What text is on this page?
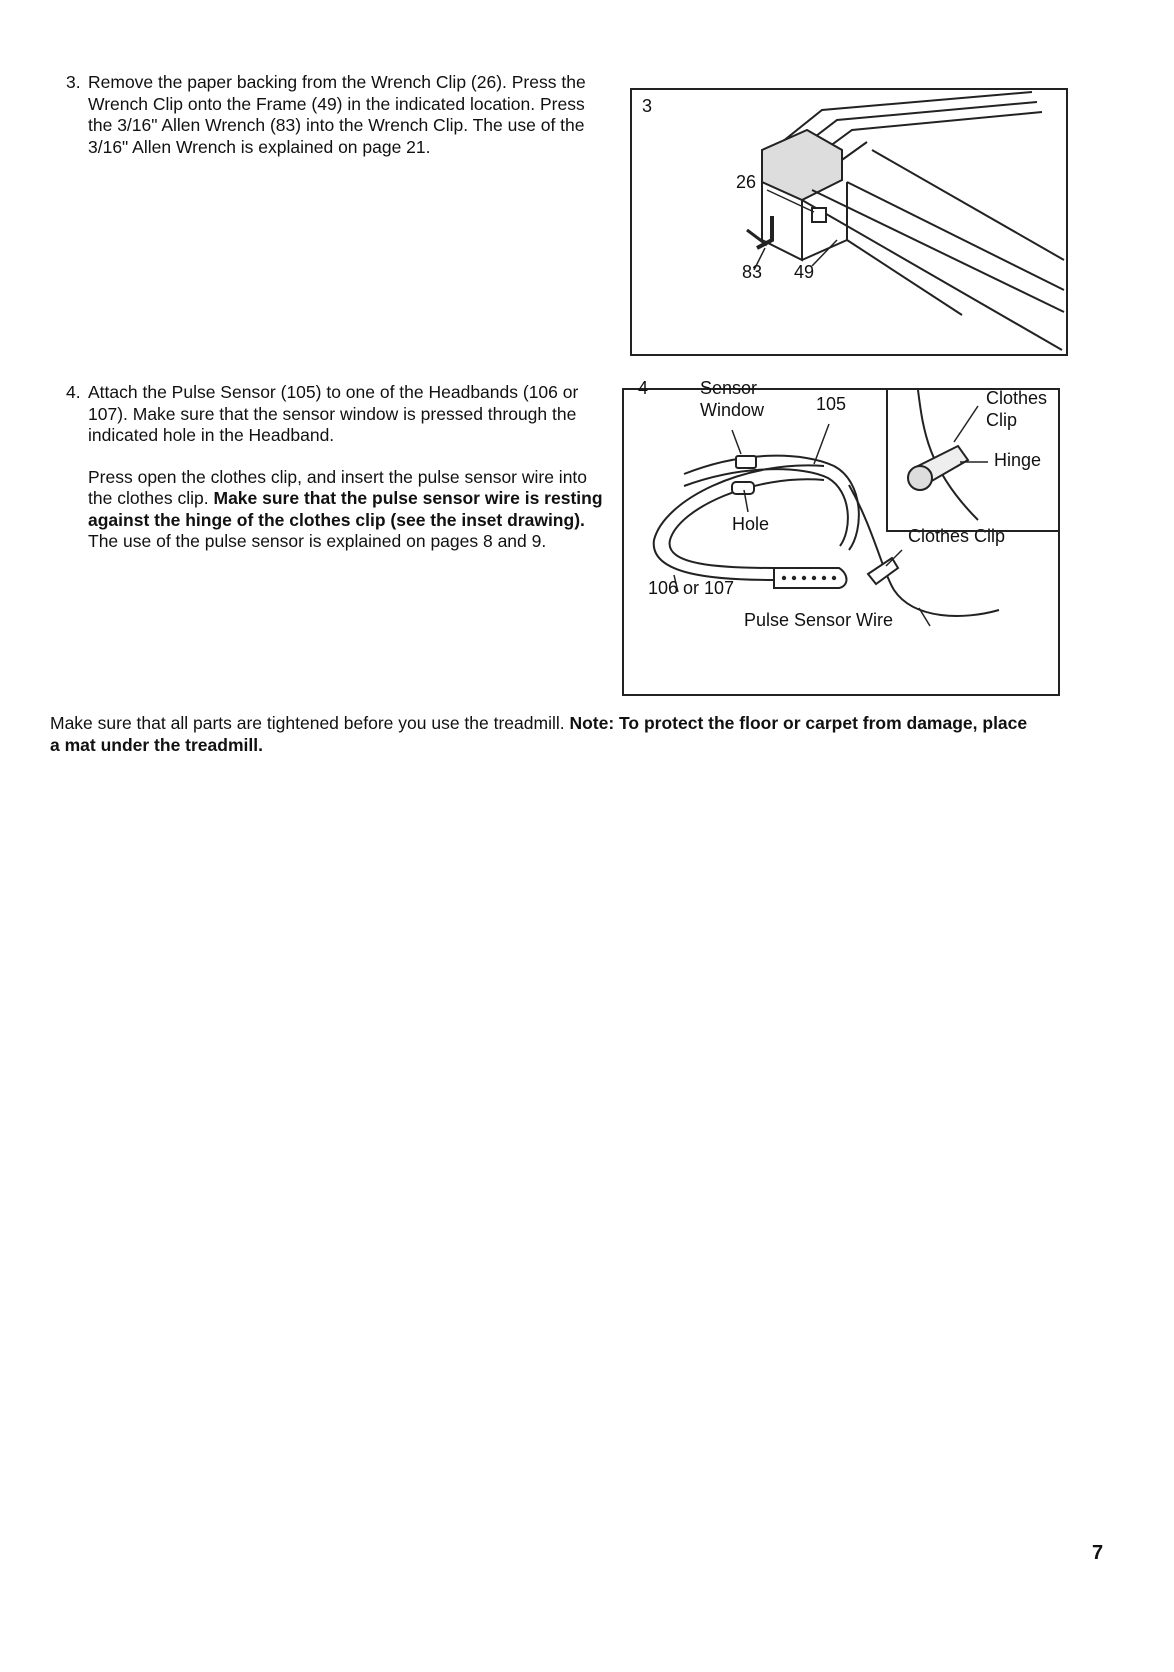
3. Remove the paper backing from the Wrench Clip (26). Press the Wrench Clip onto the Frame (49) in the indicated location. Press the 3/16" Allen Wrench (83) into the Wrench Clip. The use of the 3/16" Allen Wrench is explained on page 21.

3
26
83 49
4. Attach the Pulse Sensor (105) to one of the Headbands (106 or 107). Make sure that the sensor window is pressed through the indicated hole in the Headband.

Press open the clothes clip, and insert the pulse sensor wire into the clothes clip. Make sure that the pulse sensor wire is resting against the hinge of the clothes clip (see the inset drawing). The use of the pulse sensor is explained on pages 8 and 9.

4	Sensor
Window	105
Hole
Clothes Clip
106 or 107
Pulse Sensor Wire
Clothes
Clip
Hinge

Make sure that all parts are tightened before you use the treadmill. Note: To protect the floor or carpet from damage, place a mat under the treadmill.

7
